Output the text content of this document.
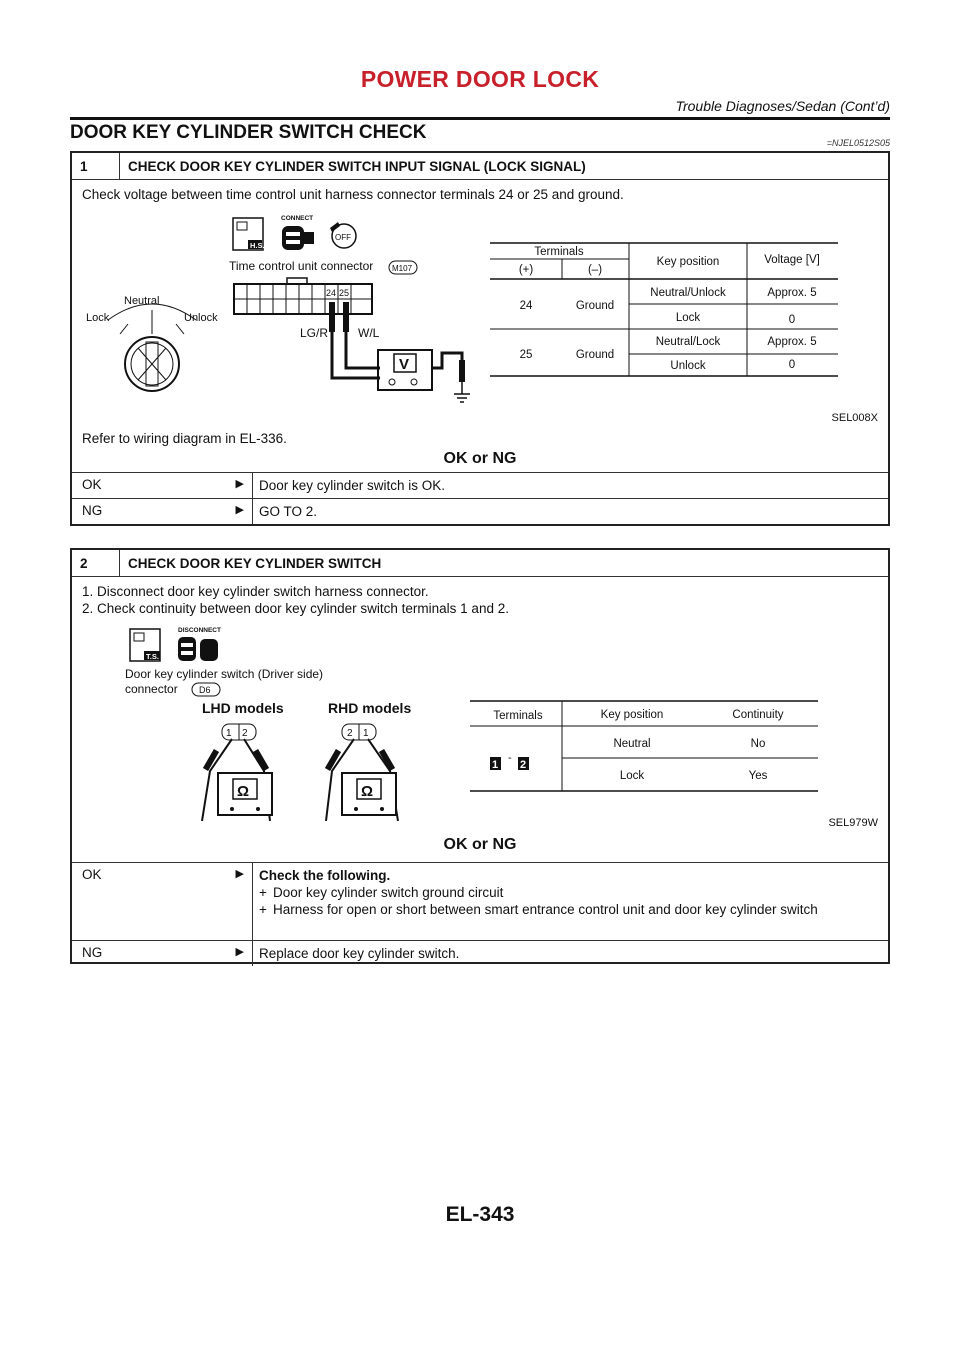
POWER DOOR LOCK
Trouble Diagnoses/Sedan (Cont’d)
DOOR KEY CYLINDER SWITCH CHECK	=NJEL0512S05
1	CHECK DOOR KEY CYLINDER SWITCH INPUT SIGNAL (LOCK SIGNAL)
Check voltage between time control unit harness connector terminals 24 or 25 and ground.
H.S.
CONNECT
OFF
Time control unit connector M107
24 25
LG/R W/L
V
Neutral
Lock	Unlock
Terminals
(+)	(–)
Key position	Voltage [V]
24	Ground
Neutral/Unlock	Approx. 5
Lock	0
25	Ground
Neutral/Lock	Approx. 5
Unlock	0
SEL008X
Refer to wiring diagram in EL-336.
OK or NG
OK	▶	Door key cylinder switch is OK.
NG	▶	GO TO 2.
2	CHECK DOOR KEY CYLINDER SWITCH
1. Disconnect door key cylinder switch harness connector.
2. Check continuity between door key cylinder switch terminals 1 and 2.
T.S.
DISCONNECT
Door key cylinder switch (Driver side)
connector D6
LHD models	RHD models
1 2
Ω
2 1
Ω
Terminals	Key position	Continuity
Neutral	No
Lock	Yes
1
-
2
SEL979W
OK or NG
OK	▶ Check the following.
+ Door key cylinder switch ground circuit
+ Harness for open or short between smart entrance control unit and door key cylinder switch
NG	▶	Replace door key cylinder switch.
EL-343
